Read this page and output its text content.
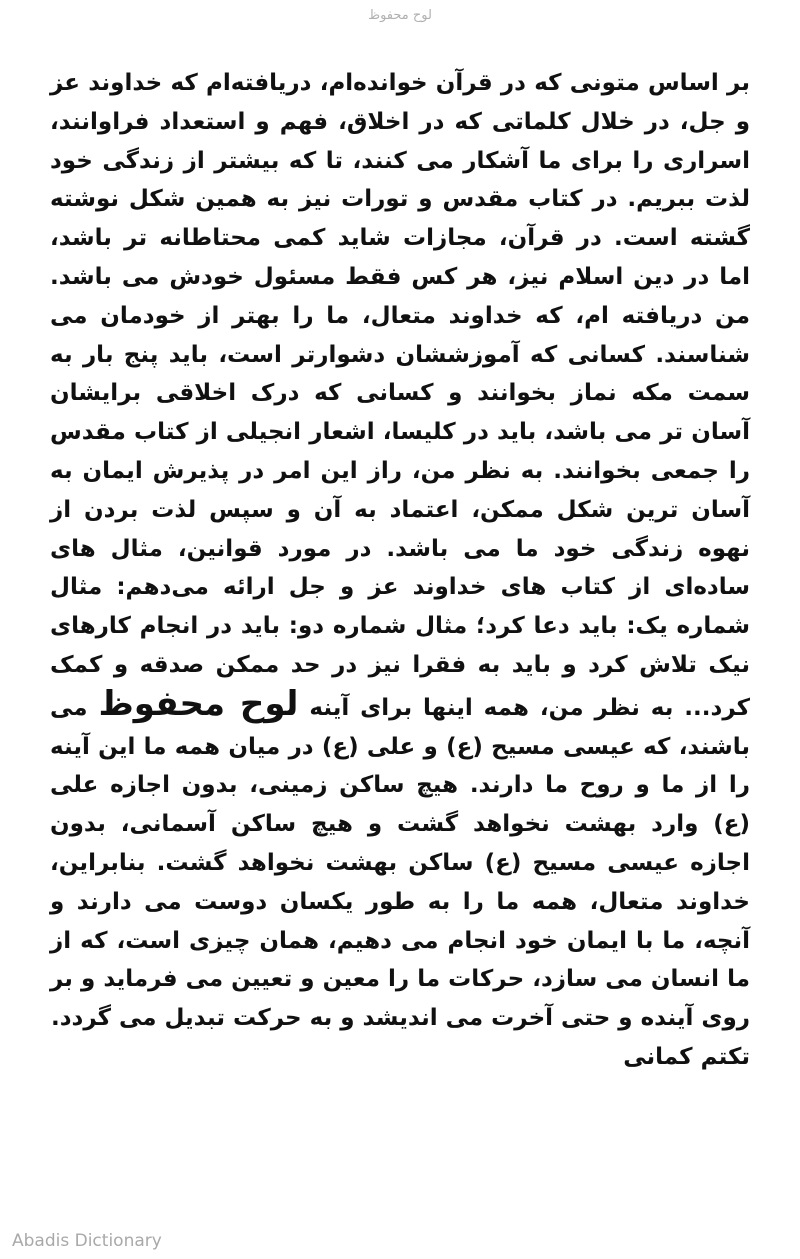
لوح محفوظ

بر اساس متونی که در قرآن خوانده‌ام، دریافته‌ام که خداوند عز و جل، در خلال کلماتی که در اخلاق، فهم و استعداد فراوانند، اسراری را برای ما آشکار می کنند، تا که بیشتر از زندگی خود لذت ببریم. در کتاب مقدس و تورات نیز به همین شکل نوشته گشته است. در قرآن، مجازات شاید کمی محتاطانه تر باشد، اما در دین اسلام نیز، هر کس فقط مسئول خودش می باشد. من دریافته ام، که خداوند متعال، ما را بهتر از خودمان می شناسند. کسانی که آموزششان دشوارتر است، باید پنج بار به سمت مکه نماز بخوانند و کسانی که درک اخلاقی برایشان آسان تر می باشد، باید در کلیسا، اشعار انجیلی از کتاب مقدس را جمعی بخوانند. به نظر من، راز این امر در پذیرش ایمان به آسان ترین شکل ممکن، اعتماد به آن و سپس لذت بردن از نهوه زندگی خود ما می باشد. در مورد قوانین، مثال های ساده‌ای از کتاب های خداوند عز و جل ارائه می‌دهم: مثال شماره یک: باید دعا کرد؛ مثال شماره دو: باید در انجام کارهای نیک تلاش کرد و باید به فقرا نیز در حد ممکن صدقه و کمک کرد... به نظر من، همه اینها برای آینه لوح محفوظ می باشند، که عیسی مسیح (ع) و علی (ع) در میان همه ما این آینه را از ما و روح ما دارند. هیچ ساکن زمینی، بدون اجازه علی (ع) وارد بهشت نخواهد گشت و هیچ ساکن آسمانی، بدون اجازه عیسی مسیح (ع) ساکن بهشت نخواهد گشت. بنابراین، خداوند متعال، همه ما را به طور یکسان دوست می دارند و آنچه، ما با ایمان خود انجام می دهیم، همان چیزی است، که از ما انسان می سازد، حرکات ما را معین و تعیین می فرماید و بر روی آینده و حتی آخرت می اندیشد و به حرکت تبدیل می گردد.

تکتم کمانی

Abadis Dictionary
